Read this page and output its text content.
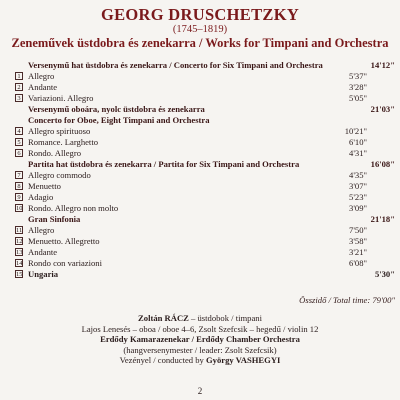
GEORG DRUSCHETZKY
(1745–1819)
Zeneművek üstdobra és zenekarra / Works for Timpani and Orchestra
Versenymű hat üstdobra és zenekarra / Concerto for Six Timpani and Orchestra	14'12"
1 Allegro	5'37"
2 Andante	3'28"
3 Variazioni. Allegro	5'05"
Versenymű oboára, nyolc üstdobra és zenekarra	21'03"
Concerto for Oboe, Eight Timpani and Orchestra
4 Allegro spirituoso	10'21"
5 Romance. Larghetto	6'10"
6 Rondo. Allegro	4'31"
Partita hat üstdobra és zenekarra / Partita for Six Timpani and Orchestra	16'08"
7 Allegro commodo	4'35"
8 Menuetto	3'07"
9 Adagio	5'23"
10 Rondo. Allegro non molto	3'09"
Gran Sinfonia	21'18"
11 Allegro	7'50"
12 Menuetto. Allegretto	3'58"
13 Andante	3'21"
14 Rondo con variazioni	6'08"
15 Ungaria	5'30"
Összidő / Total time: 79'00"
Zoltán RÁCZ – üstdobok / timpani
Lajos Lenesés – oboa / oboe 4–6, Zsolt Szefcsik – hegedű / violin 12
Erdődy Kamarazenekar / Erdődy Chamber Orchestra
(hangversenymester / leader: Zsolt Szefcsik)
Vezényel / conducted by György VASHEGYI
2
